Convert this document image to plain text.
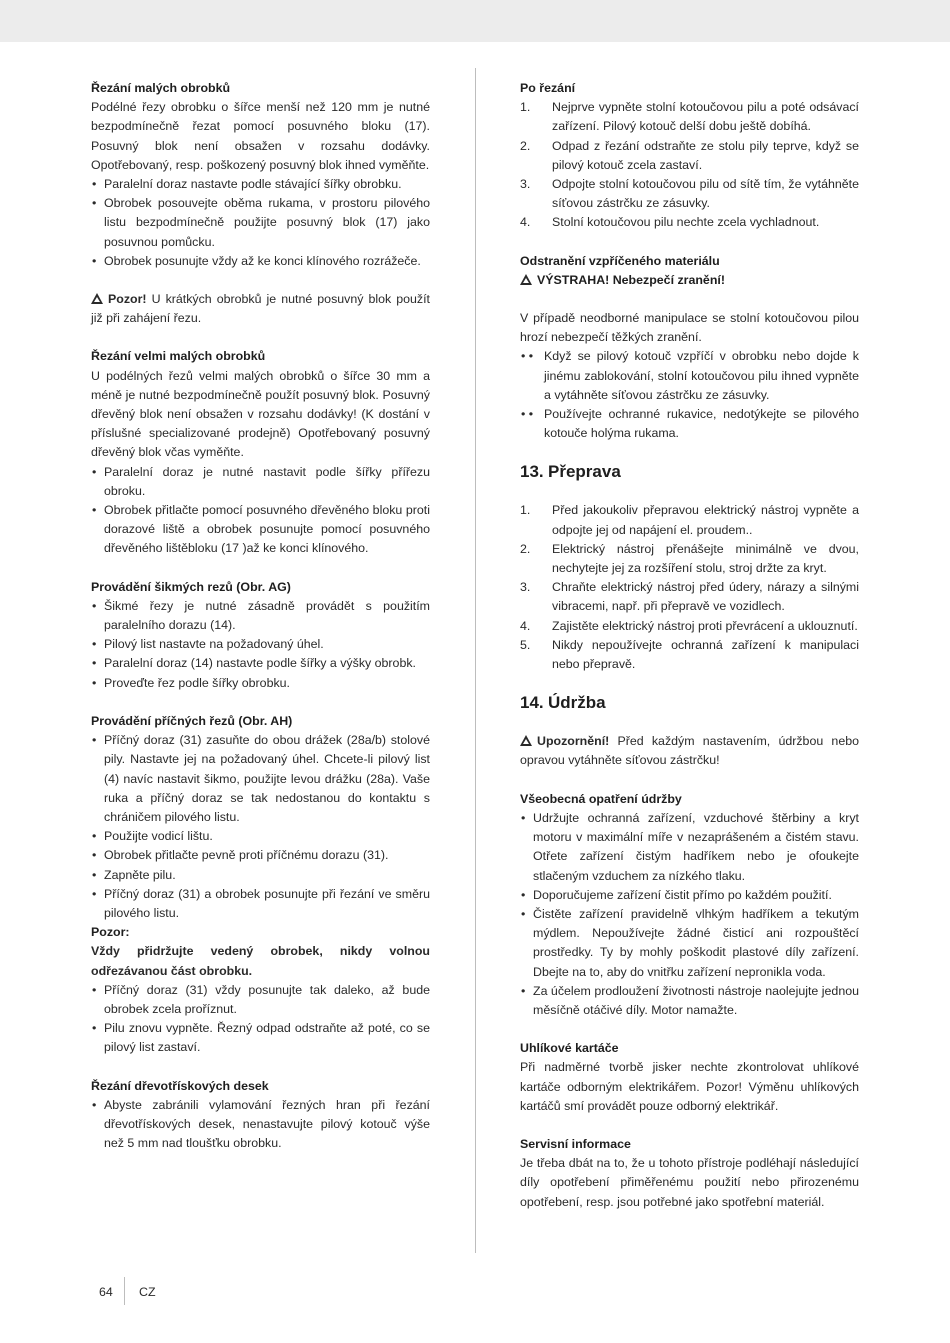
Řezání malých obrobků

Podélné řezy obrobku o šířce menší než 120 mm je nutné bezpodmínečně řezat pomocí posuvného bloku (17). Posuvný blok není obsažen v rozsahu dodávky. Opotřebovaný, resp. poškozený posuvný blok ihned vyměňte.

• Paralelní doraz nastavte podle stávající šířky obrobku.
• Obrobek posouvejte oběma rukama, v prostoru pilového listu bezpodmínečně použijte posuvný blok (17) jako posuvnou pomůcku.
• Obrobek posunujte vždy až ke konci klínového rozrážeče.

Pozor! U krátkých obrobků je nutné posuvný blok použít již při zahájení řezu.

Řezání velmi malých obrobků

U podélných řezů velmi malých obrobků o šířce 30 mm a méně je nutné bezpodmínečně použít posuvný blok. Posuvný dřevěný blok není obsažen v rozsahu dodávky! (K dostání v příslušné specializované prodejně) Opotřebovaný posuvný dřevěný blok včas vyměňte.

• Paralelní doraz je nutné nastavit podle šířky přířezu obroku.
• Obrobek přitlačte pomocí posuvného dřevěného bloku proti dorazové liště a obrobek posunujte pomocí posuvného dřevěného lištěbloku (17 )až ke konci klínového.

Provádění šikmých rezů (Obr. AG)

• Šikmé řezy je nutné zásadně provádět s použitím paralelního dorazu (14).
• Pilový list nastavte na požadovaný úhel.
• Paralelní doraz (14) nastavte podle šířky a výšky obrobk.
• Proveďte řez podle šířky obrobku.

Provádění příčných řezů (Obr. AH)

• Příčný doraz (31) zasuňte do obou drážek (28a/b) stolové pily. Nastavte jej na požadovaný úhel. Chcete-li pilový list (4) navíc nastavit šikmo, použijte levou drážku (28a). Vaše ruka a příčný doraz se tak nedostanou do kontaktu s chráničem pilového listu.
• Použijte vodicí lištu.
• Obrobek přitlačte pevně proti příčnému dorazu (31).
• Zapněte pilu.
• Příčný doraz (31) a obrobek posunujte při řezání ve směru pilového listu.

Pozor:

Vždy přidržujte vedený obrobek, nikdy volnou odřezávanou část obrobku.

• Příčný doraz (31) vždy posunujte tak daleko, až bude obrobek zcela proříznut.
• Pilu znovu vypněte. Řezný odpad odstraňte až poté, co se pilový list zastaví.

Řezání dřevotřískových desek

• Abyste zabránili vylamování řezných hran při řezání dřevotřískových desek, nenastavujte pilový kotouč výše než 5 mm nad tloušťku obrobku.

Po řezání

1. Nejprve vypněte stolní kotoučovou pilu a poté odsávací zařízení. Pilový kotouč delší dobu ještě dobíhá.
2. Odpad z řezání odstraňte ze stolu pily teprve, když se pilový kotouč zcela zastaví.
3. Odpojte stolní kotoučovou pilu od sítě tím, že vytáhněte síťovou zástrčku ze zásuvky.
4. Stolní kotoučovou pilu nechte zcela vychladnout.

Odstranění vzpříčeného materiálu

VÝSTRAHA! Nebezpečí zranění!

V případě neodborné manipulace se stolní kotoučovou pilou hrozí nebezpečí těžkých zranění.

• • Když se pilový kotouč vzpříčí v obrobku nebo dojde k jinému zablokování, stolní kotoučovou pilu ihned vypněte a vytáhněte síťovou zástrčku ze zásuvky.
• • Používejte ochranné rukavice, nedotýkejte se pilového kotouče holýma rukama.
13. Přeprava
1. Před jakoukoliv přepravou elektrický nástroj vypněte a odpojte jej od napájení el. proudem..
2. Elektrický nástroj přenášejte minimálně ve dvou, nechytejte jej za rozšíření stolu, stroj držte za kryt.
3. Chraňte elektrický nástroj před údery, nárazy a silnými vibracemi, např. při přepravě ve vozidlech.
4. Zajistěte elektrický nástroj proti převrácení a uklouznutí.
5. Nikdy nepoužívejte ochranná zařízení k manipulaci nebo přepravě.
14. Údržba

Upozornění! Před každým nastavením, údržbou nebo opravou vytáhněte síťovou zástrčku!

Všeobecná opatření údržby

• Udržujte ochranná zařízení, vzduchové štěrbiny a kryt motoru v maximální míře v nezaprášeném a čistém stavu. Otřete zařízení čistým hadříkem nebo je ofoukejte stlačeným vzduchem za nízkého tlaku.
• Doporučujeme zařízení čistit přímo po každém použití.
• Čistěte zařízení pravidelně vlhkým hadříkem a tekutým mýdlem. Nepoužívejte žádné čisticí ani rozpouštěcí prostředky. Ty by mohly poškodit plastové díly zařízení. Dbejte na to, aby do vnitřku zařízení nepronikla voda.
• Za účelem prodloužení životnosti nástroje naolejujte jednou měsíčně otáčivé díly. Motor namažte.

Uhlíkové kartáče

Při nadměrné tvorbě jisker nechte zkontrolovat uhlíkové kartáče odborným elektrikářem. Pozor! Výměnu uhlíkových kartáčů smí provádět pouze odborný elektrikář.

Servisní informace

Je třeba dbát na to, že u tohoto přístroje podléhají následující díly opotřebení přiměřenému použití nebo přirozenému opotřebení, resp. jsou potřebné jako spotřební materiál.

64 CZ
